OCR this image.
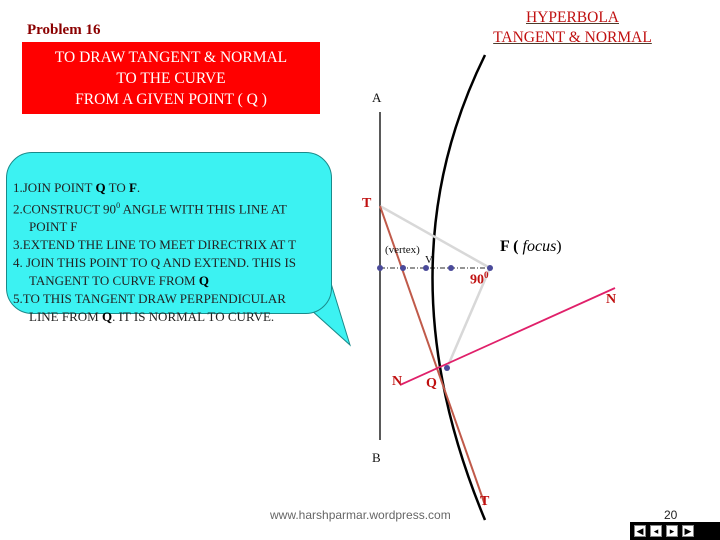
Problem 16
TO DRAW TANGENT & NORMAL
TO THE CURVE
FROM A GIVEN POINT ( Q )
HYPERBOLA
TANGENT & NORMAL
1.JOIN POINT Q TO F.
2.CONSTRUCT $90^0$ ANGLE WITH THIS LINE AT
POINT F
3.EXTEND THE LINE TO MEET DIRECTRIX AT T
4. JOIN THIS POINT TO Q AND EXTEND. THIS IS
TANGENT TO CURVE FROM Q
5.TO THIS TANGENT DRAW PERPENDICULAR
LINE FROM Q. IT IS NORMAL TO CURVE.
A
B
T
T
(vertex)
V
F ( focus)
$90^0$
N
N Q
www.harshparmar.wordpress.com	20
◀	◂	▸	▶
